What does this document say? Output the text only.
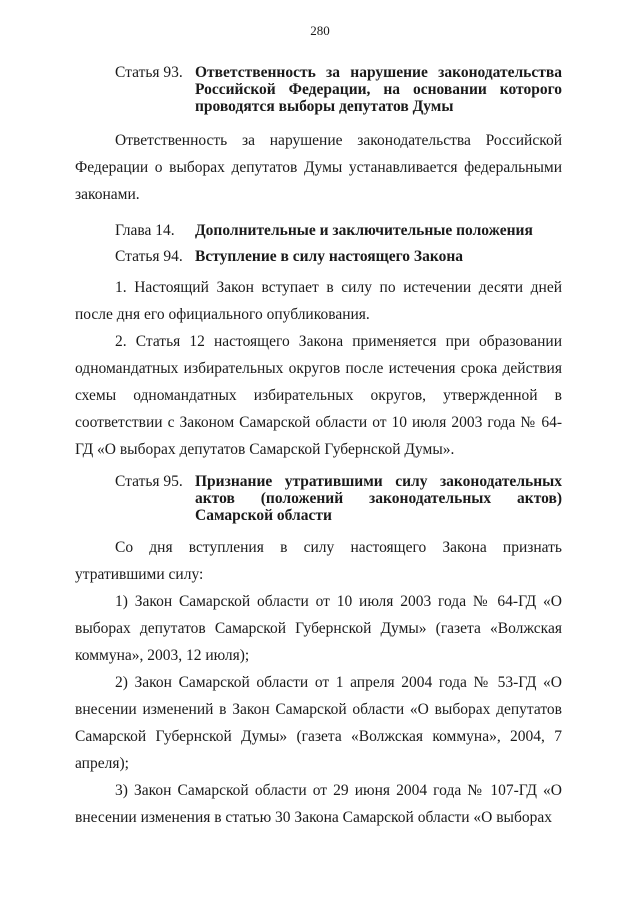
280
Статья 93. Ответственность за нарушение законодательства Российской Федерации, на основании которого проводятся выборы депутатов Думы

Ответственность за нарушение законодательства Российской Федерации о выборах депутатов Думы устанавливается федеральными законами.

Глава 14.	Дополнительные и заключительные положения
Статья 94. Вступление в силу настоящего Закона

1. Настоящий Закон вступает в силу по истечении десяти дней после дня его официального опубликования.

2. Статья 12 настоящего Закона применяется при образовании одномандатных избирательных округов после истечения срока действия схемы одномандатных избирательных округов, утвержденной в соответствии с Законом Самарской области от 10 июля 2003 года № 64-ГД «О выборах депутатов Самарской Губернской Думы».

Статья 95. Признание утратившими силу законодательных актов (положений законодательных актов) Самарской области

Со дня вступления в силу настоящего Закона признать утратившими силу:

1) Закон Самарской области от 10 июля 2003 года № 64-ГД «О выборах депутатов Самарской Губернской Думы» (газета «Волжская коммуна», 2003, 12 июля);

2) Закон Самарской области от 1 апреля 2004 года № 53-ГД «О внесении изменений в Закон Самарской области «О выборах депутатов Самарской Губернской Думы» (газета «Волжская коммуна», 2004, 7 апреля);

3) Закон Самарской области от 29 июня 2004 года № 107-ГД «О внесении изменения в статью 30 Закона Самарской области «О выборах
